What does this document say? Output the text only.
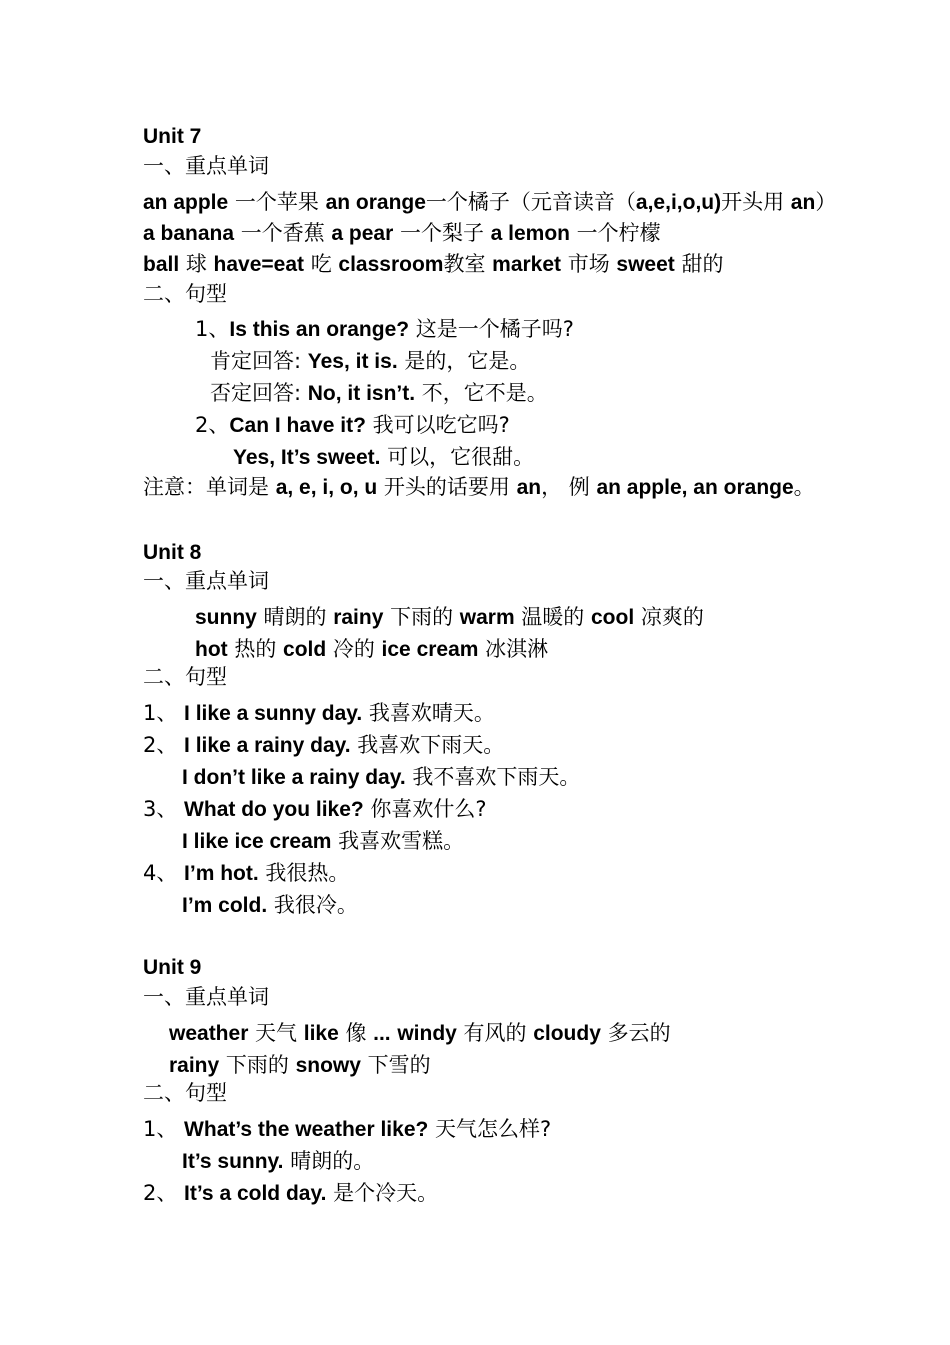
Unit 7
一、重点单词
an apple 一个苹果 an orange一个橘子（元音读音（a,e,i,o,u)开头用 an）
a banana 一个香蕉 a pear 一个梨子 a lemon 一个柠檬
ball 球 have=eat 吃 classroom教室 market 市场 sweet 甜的
二、句型
1、Is this an orange? 这是一个橘子吗?
肯定回答: Yes, it is. 是的，它是。
否定回答: No, it isn’t. 不，它不是。
2、Can I have it? 我可以吃它吗?
Yes, It’s sweet. 可以，它很甜。
注意：单词是 a, e, i, o, u 开头的话要用 an， 例 an apple, an orange。
Unit 8
一、重点单词
sunny 晴朗的 rainy 下雨的 warm 温暖的 cool 凉爽的
hot 热的 cold 冷的 ice cream 冰淇淋
二、句型
1、 I like a sunny day. 我喜欢晴天。
2、 I like a rainy day. 我喜欢下雨天。
I don’t like a rainy day. 我不喜欢下雨天。
3、 What do you like? 你喜欢什么?
I like ice cream 我喜欢雪糕。
4、 I’m hot. 我很热。
I’m cold. 我很冷。
Unit 9
一、重点单词
weather 天气 like 像 ... windy 有风的 cloudy 多云的
rainy 下雨的 snowy 下雪的
二、句型
1、 What’s the weather like? 天气怎么样?
It’s sunny. 晴朗的。
2、 It’s a cold day. 是个冷天。
